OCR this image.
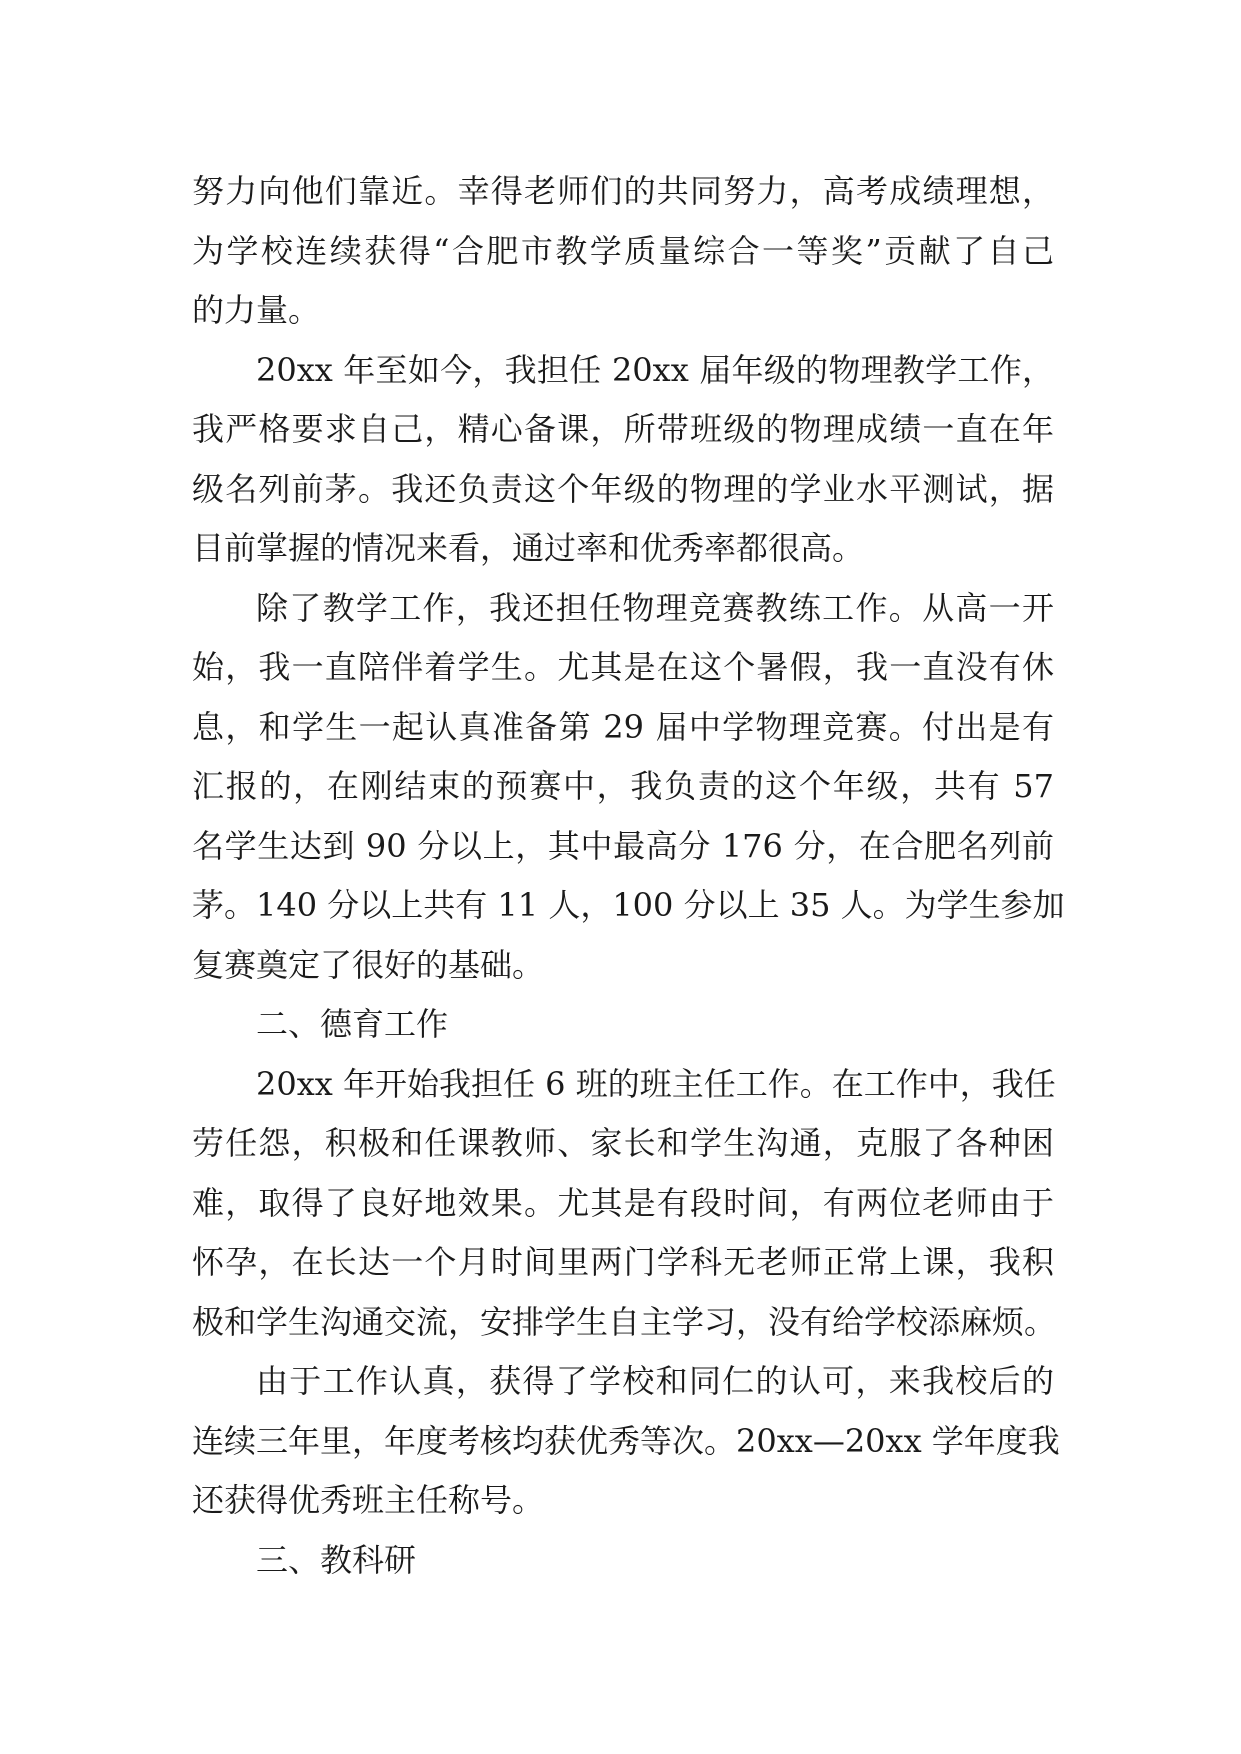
努力向他们靠近。幸得老师们的共同努力，高考成绩理想，
为学校连续获得“合肥市教学质量综合一等奖”贡献了自己
的力量。
20xx 年至如今，我担任 20xx 届年级的物理教学工作，
我严格要求自己，精心备课，所带班级的物理成绩一直在年
级名列前茅。我还负责这个年级的物理的学业水平测试，据
目前掌握的情况来看，通过率和优秀率都很高。
除了教学工作，我还担任物理竞赛教练工作。从高一开
始，我一直陪伴着学生。尤其是在这个暑假，我一直没有休
息，和学生一起认真准备第 29 届中学物理竞赛。付出是有
汇报的，在刚结束的预赛中，我负责的这个年级，共有 57
名学生达到 90 分以上，其中最高分 176 分，在合肥名列前
茅。140 分以上共有 11 人，100 分以上 35 人。为学生参加
复赛奠定了很好的基础。
二、德育工作
20xx 年开始我担任 6 班的班主任工作。在工作中，我任
劳任怨，积极和任课教师、家长和学生沟通，克服了各种困
难，取得了良好地效果。尤其是有段时间，有两位老师由于
怀孕，在长达一个月时间里两门学科无老师正常上课，我积
极和学生沟通交流，安排学生自主学习，没有给学校添麻烦。
由于工作认真，获得了学校和同仁的认可，来我校后的
连续三年里，年度考核均获优秀等次。20xx—20xx 学年度我
还获得优秀班主任称号。
三、教科研
